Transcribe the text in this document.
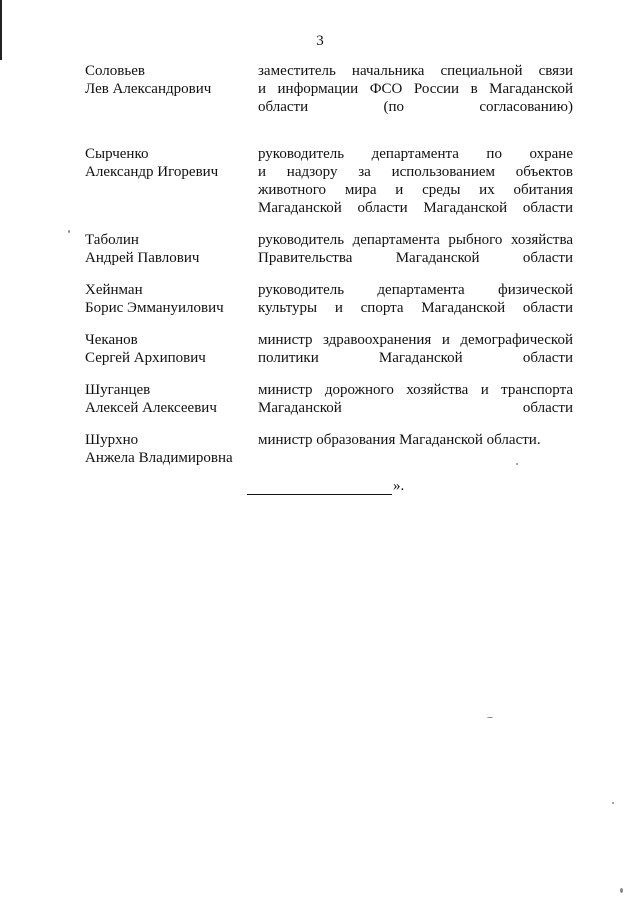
3
Соловьев
Лев Александрович
заместитель начальника специальной связи
и информации ФСО России в Магаданской
области (по согласованию)
Сырченко
Александр Игоревич
руководитель департамента по охране
и надзору за использованием объектов
животного мира и среды их обитания
Магаданской области Магаданской области
Таболин
Андрей Павлович
руководитель департамента рыбного хозяйства
Правительства Магаданской области
Хейнман
Борис Эммануилович
руководитель департамента физической
культуры и спорта Магаданской области
Чеканов
Сергей Архипович
министр здравоохранения и демографической
политики Магаданской области
Шуганцев
Алексей Алексеевич
министр дорожного хозяйства и транспорта
Магаданской области
Шурхно
Анжела Владимировна
министр образования Магаданской области.
».
